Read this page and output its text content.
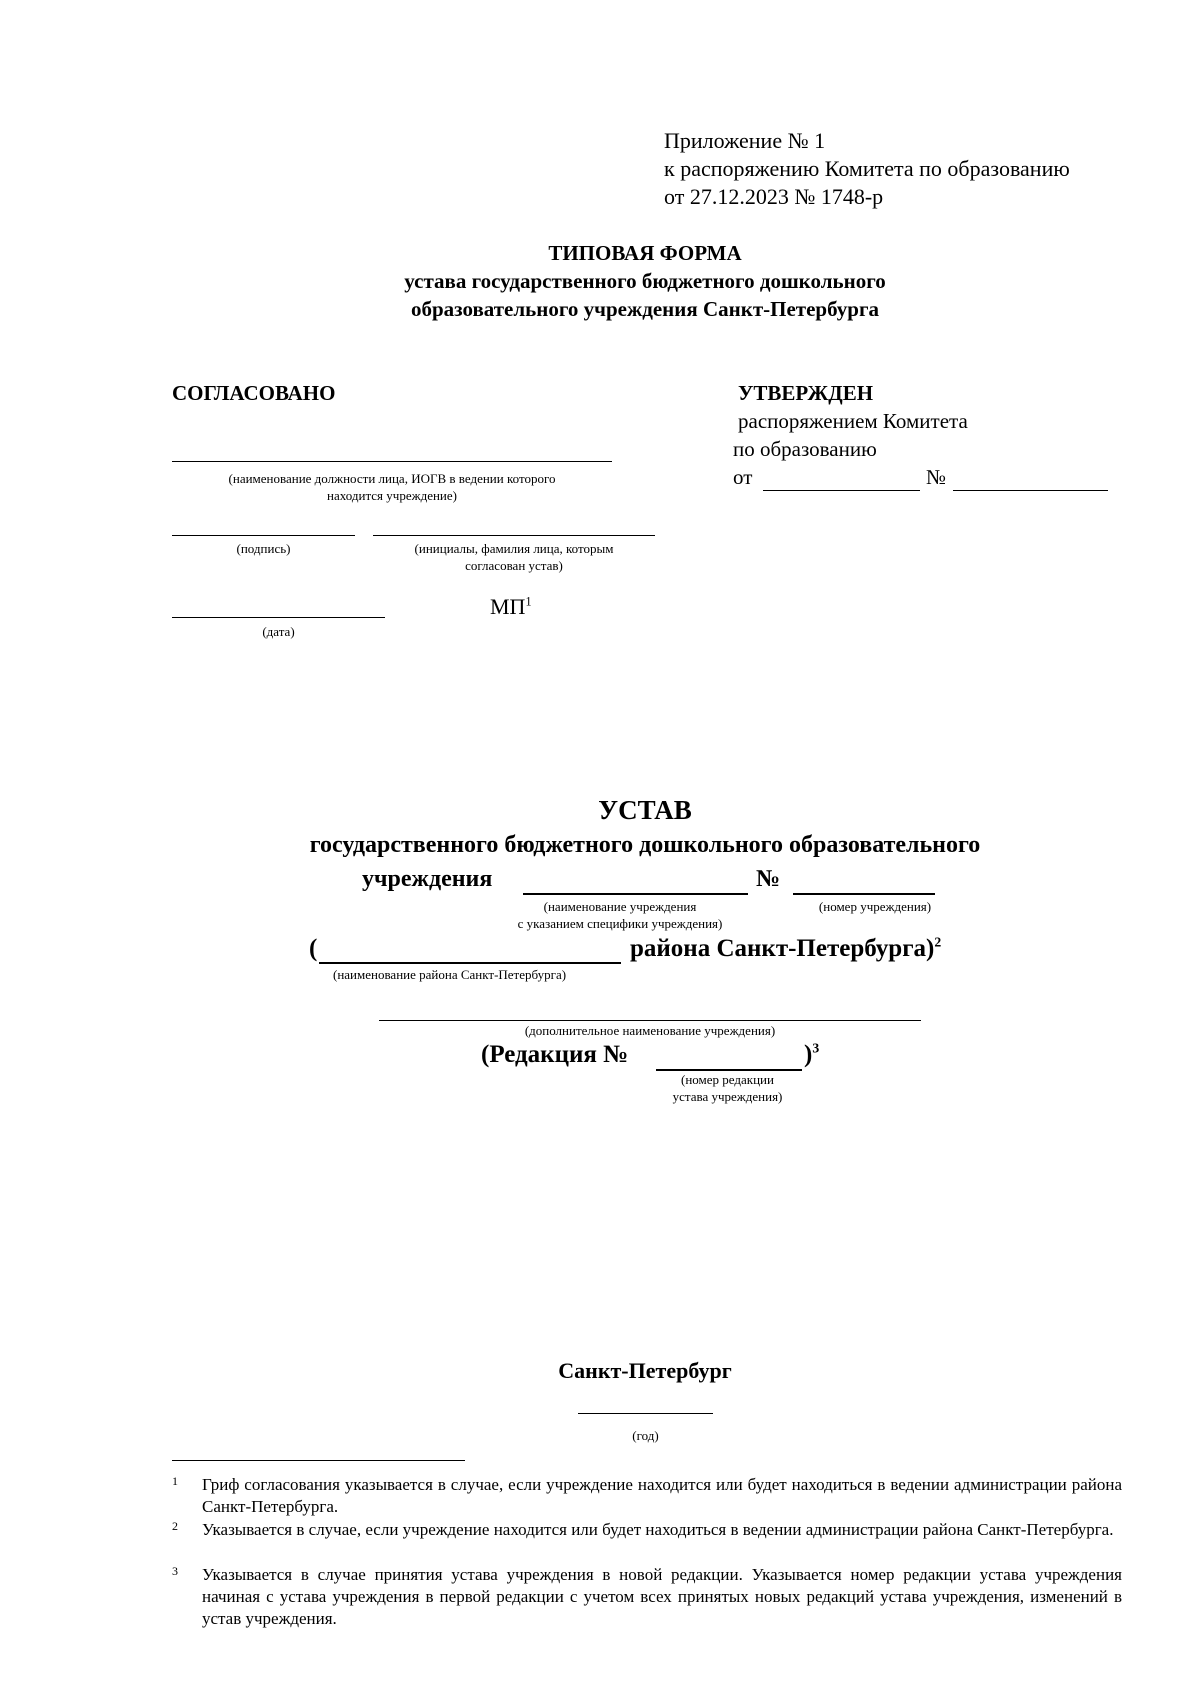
Приложение № 1
к распоряжению Комитета по образованию
от 27.12.2023 № 1748-р
ТИПОВАЯ ФОРМА
устава государственного бюджетного дошкольного
образовательного учреждения Санкт-Петербурга
СОГЛАСОВАНО
(наименование должности лица, ИОГВ в ведении которого
находится учреждение)
(подпись)	(инициалы, фамилия лица, которым
согласован устав)
$МП^1$
(дата)
УТВЕРЖДЕН
распоряжением Комитета
по образованию
от	№
УСТАВ
государственного бюджетного дошкольного образовательного
учреждения	№
(наименование учреждения
с указанием специфики учреждения)
(номер учреждения)
(	района Санкт-Петербурга)$^2$
(наименование района Санкт-Петербурга)
(дополнительное наименование учреждения)
(Редакция №	)$^3$
(номер редакции
устава учреждения)
Санкт-Петербург
(год)
1 Гриф согласования указывается в случае, если учреждение находится или будет находиться в ведении администрации района Санкт-Петербурга.
2 Указывается в случае, если учреждение находится или будет находиться в ведении администрации района Санкт-Петербурга.
3 Указывается в случае принятия устава учреждения в новой редакции. Указывается номер редакции устава учреждения начиная с устава учреждения в первой редакции с учетом всех принятых новых редакций устава учреждения, изменений в устав учреждения.
